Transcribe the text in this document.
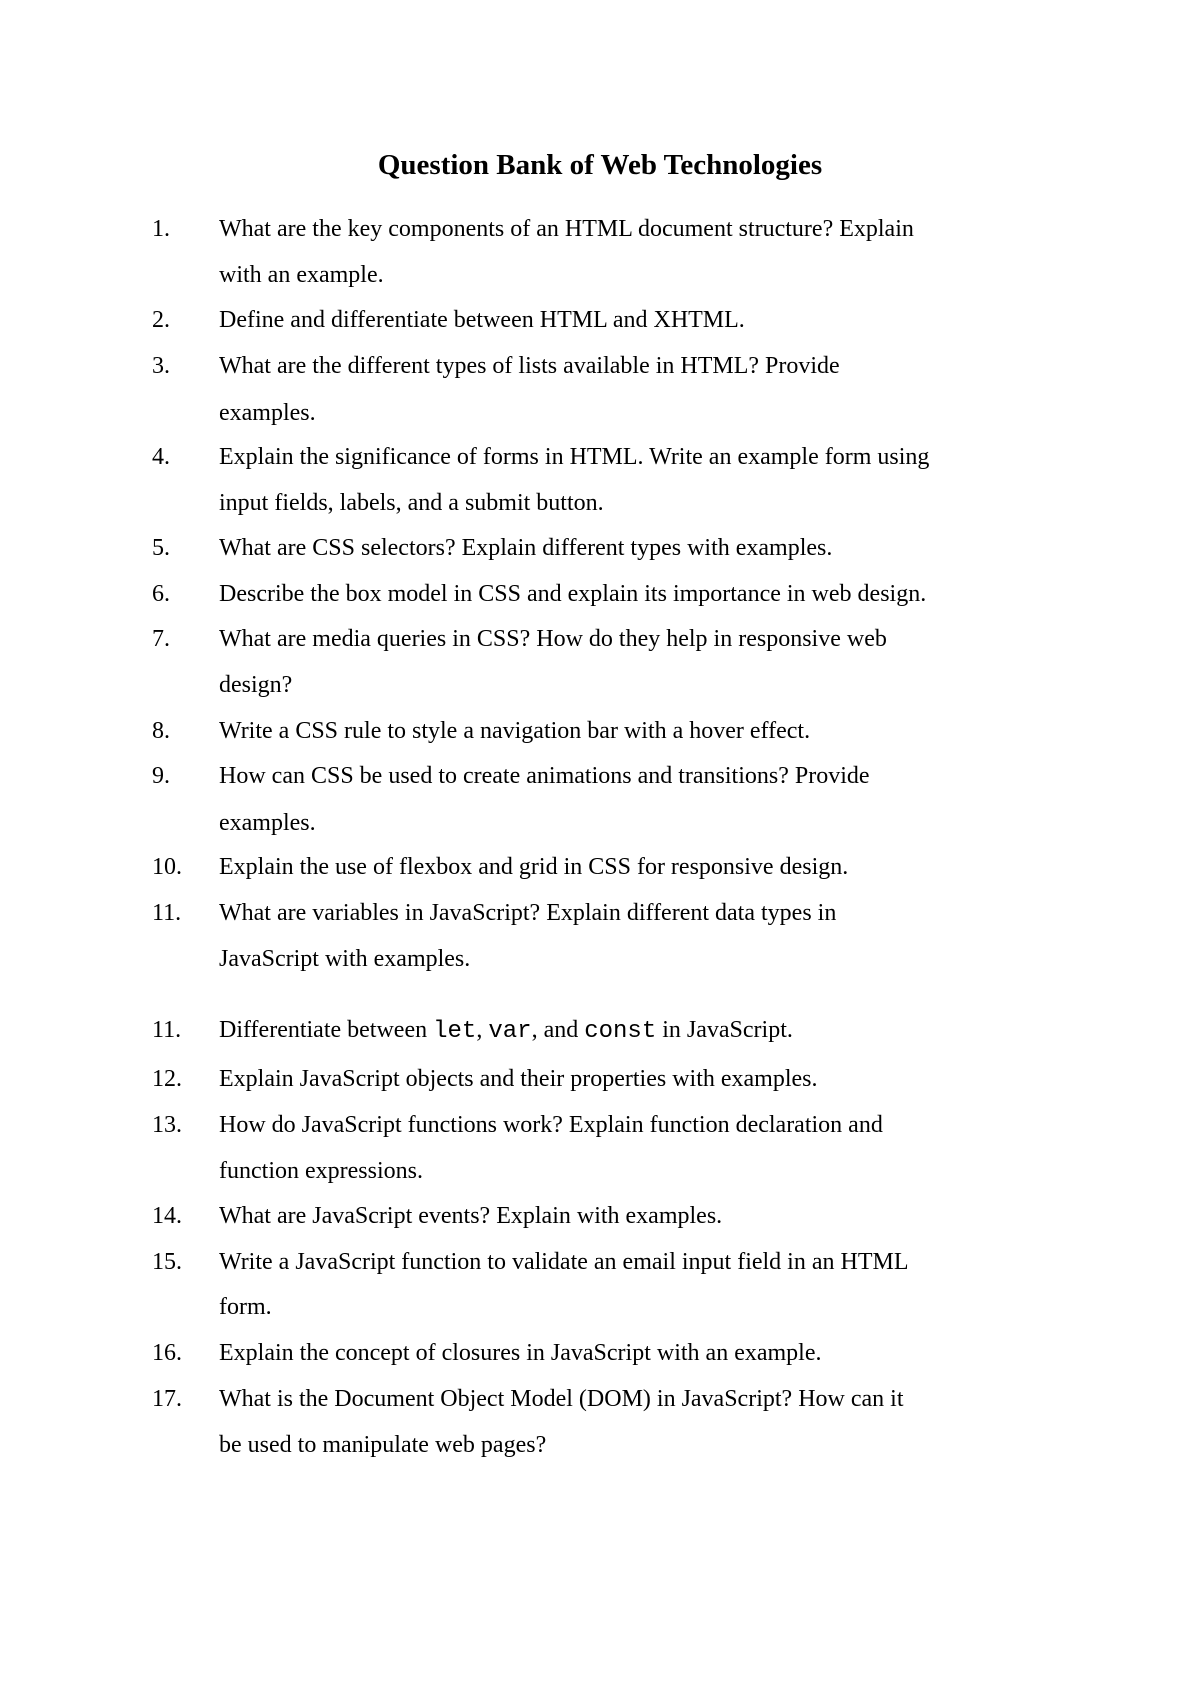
Question Bank of Web Technologies
1.	What are the key components of an HTML document structure? Explain
with an example.
2.	Define and differentiate between HTML and XHTML.
3.	What are the different types of lists available in HTML? Provide
examples.
4.	Explain the significance of forms in HTML. Write an example form using
input fields, labels, and a submit button.
5.	What are CSS selectors? Explain different types with examples.
6.	Describe the box model in CSS and explain its importance in web design.
7.	What are media queries in CSS? How do they help in responsive web
design?
8.	Write a CSS rule to style a navigation bar with a hover effect.
9.	How can CSS be used to create animations and transitions? Provide
examples.
10.	Explain the use of flexbox and grid in CSS for responsive design.
11.	What are variables in JavaScript? Explain different data types in
JavaScript with examples.
11.	Differentiate between let, var, and const in JavaScript.
12.	Explain JavaScript objects and their properties with examples.
13.	How do JavaScript functions work? Explain function declaration and
function expressions.
14.	What are JavaScript events? Explain with examples.
15.	Write a JavaScript function to validate an email input field in an HTML
form.
16.	Explain the concept of closures in JavaScript with an example.
17.	What is the Document Object Model (DOM) in JavaScript? How can it
be used to manipulate web pages?
